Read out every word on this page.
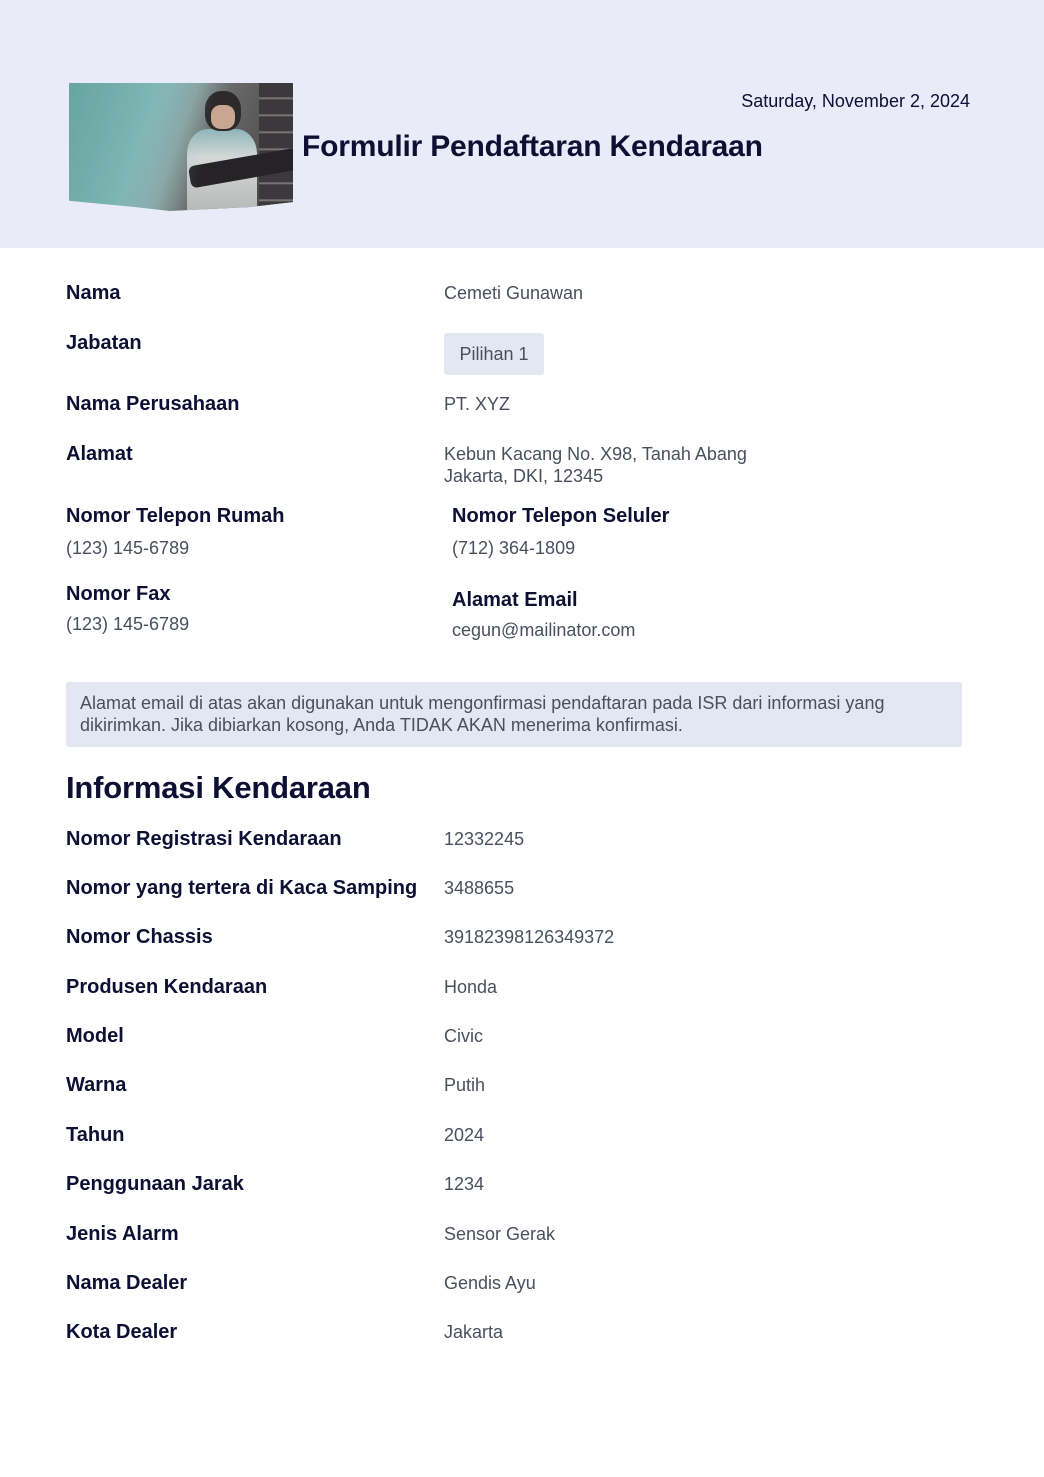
Formulir Pendaftaran Kendaraan
Saturday, November 2, 2024
Nama	Cemeti Gunawan
Jabatan	Pilihan 1
Nama Perusahaan	PT. XYZ
Alamat	Kebun Kacang No. X98, Tanah Abang
Jakarta, DKI, 12345
Nomor Telepon Rumah
(123) 145-6789
Nomor Telepon Seluler
(712) 364-1809
Nomor Fax
(123) 145-6789
Alamat Email
cegun@mailinator.com
Alamat email di atas akan digunakan untuk mengonfirmasi pendaftaran pada ISR dari informasi yang dikirimkan. Jika dibiarkan kosong, Anda TIDAK AKAN menerima konfirmasi.
Informasi Kendaraan
Nomor Registrasi Kendaraan	12332245
Nomor yang tertera di Kaca Samping 3488655
Nomor Chassis	39182398126349372
Produsen Kendaraan	Honda
Model	Civic
Warna	Putih
Tahun	2024
Penggunaan Jarak	1234
Jenis Alarm	Sensor Gerak
Nama Dealer	Gendis Ayu
Kota Dealer	Jakarta
